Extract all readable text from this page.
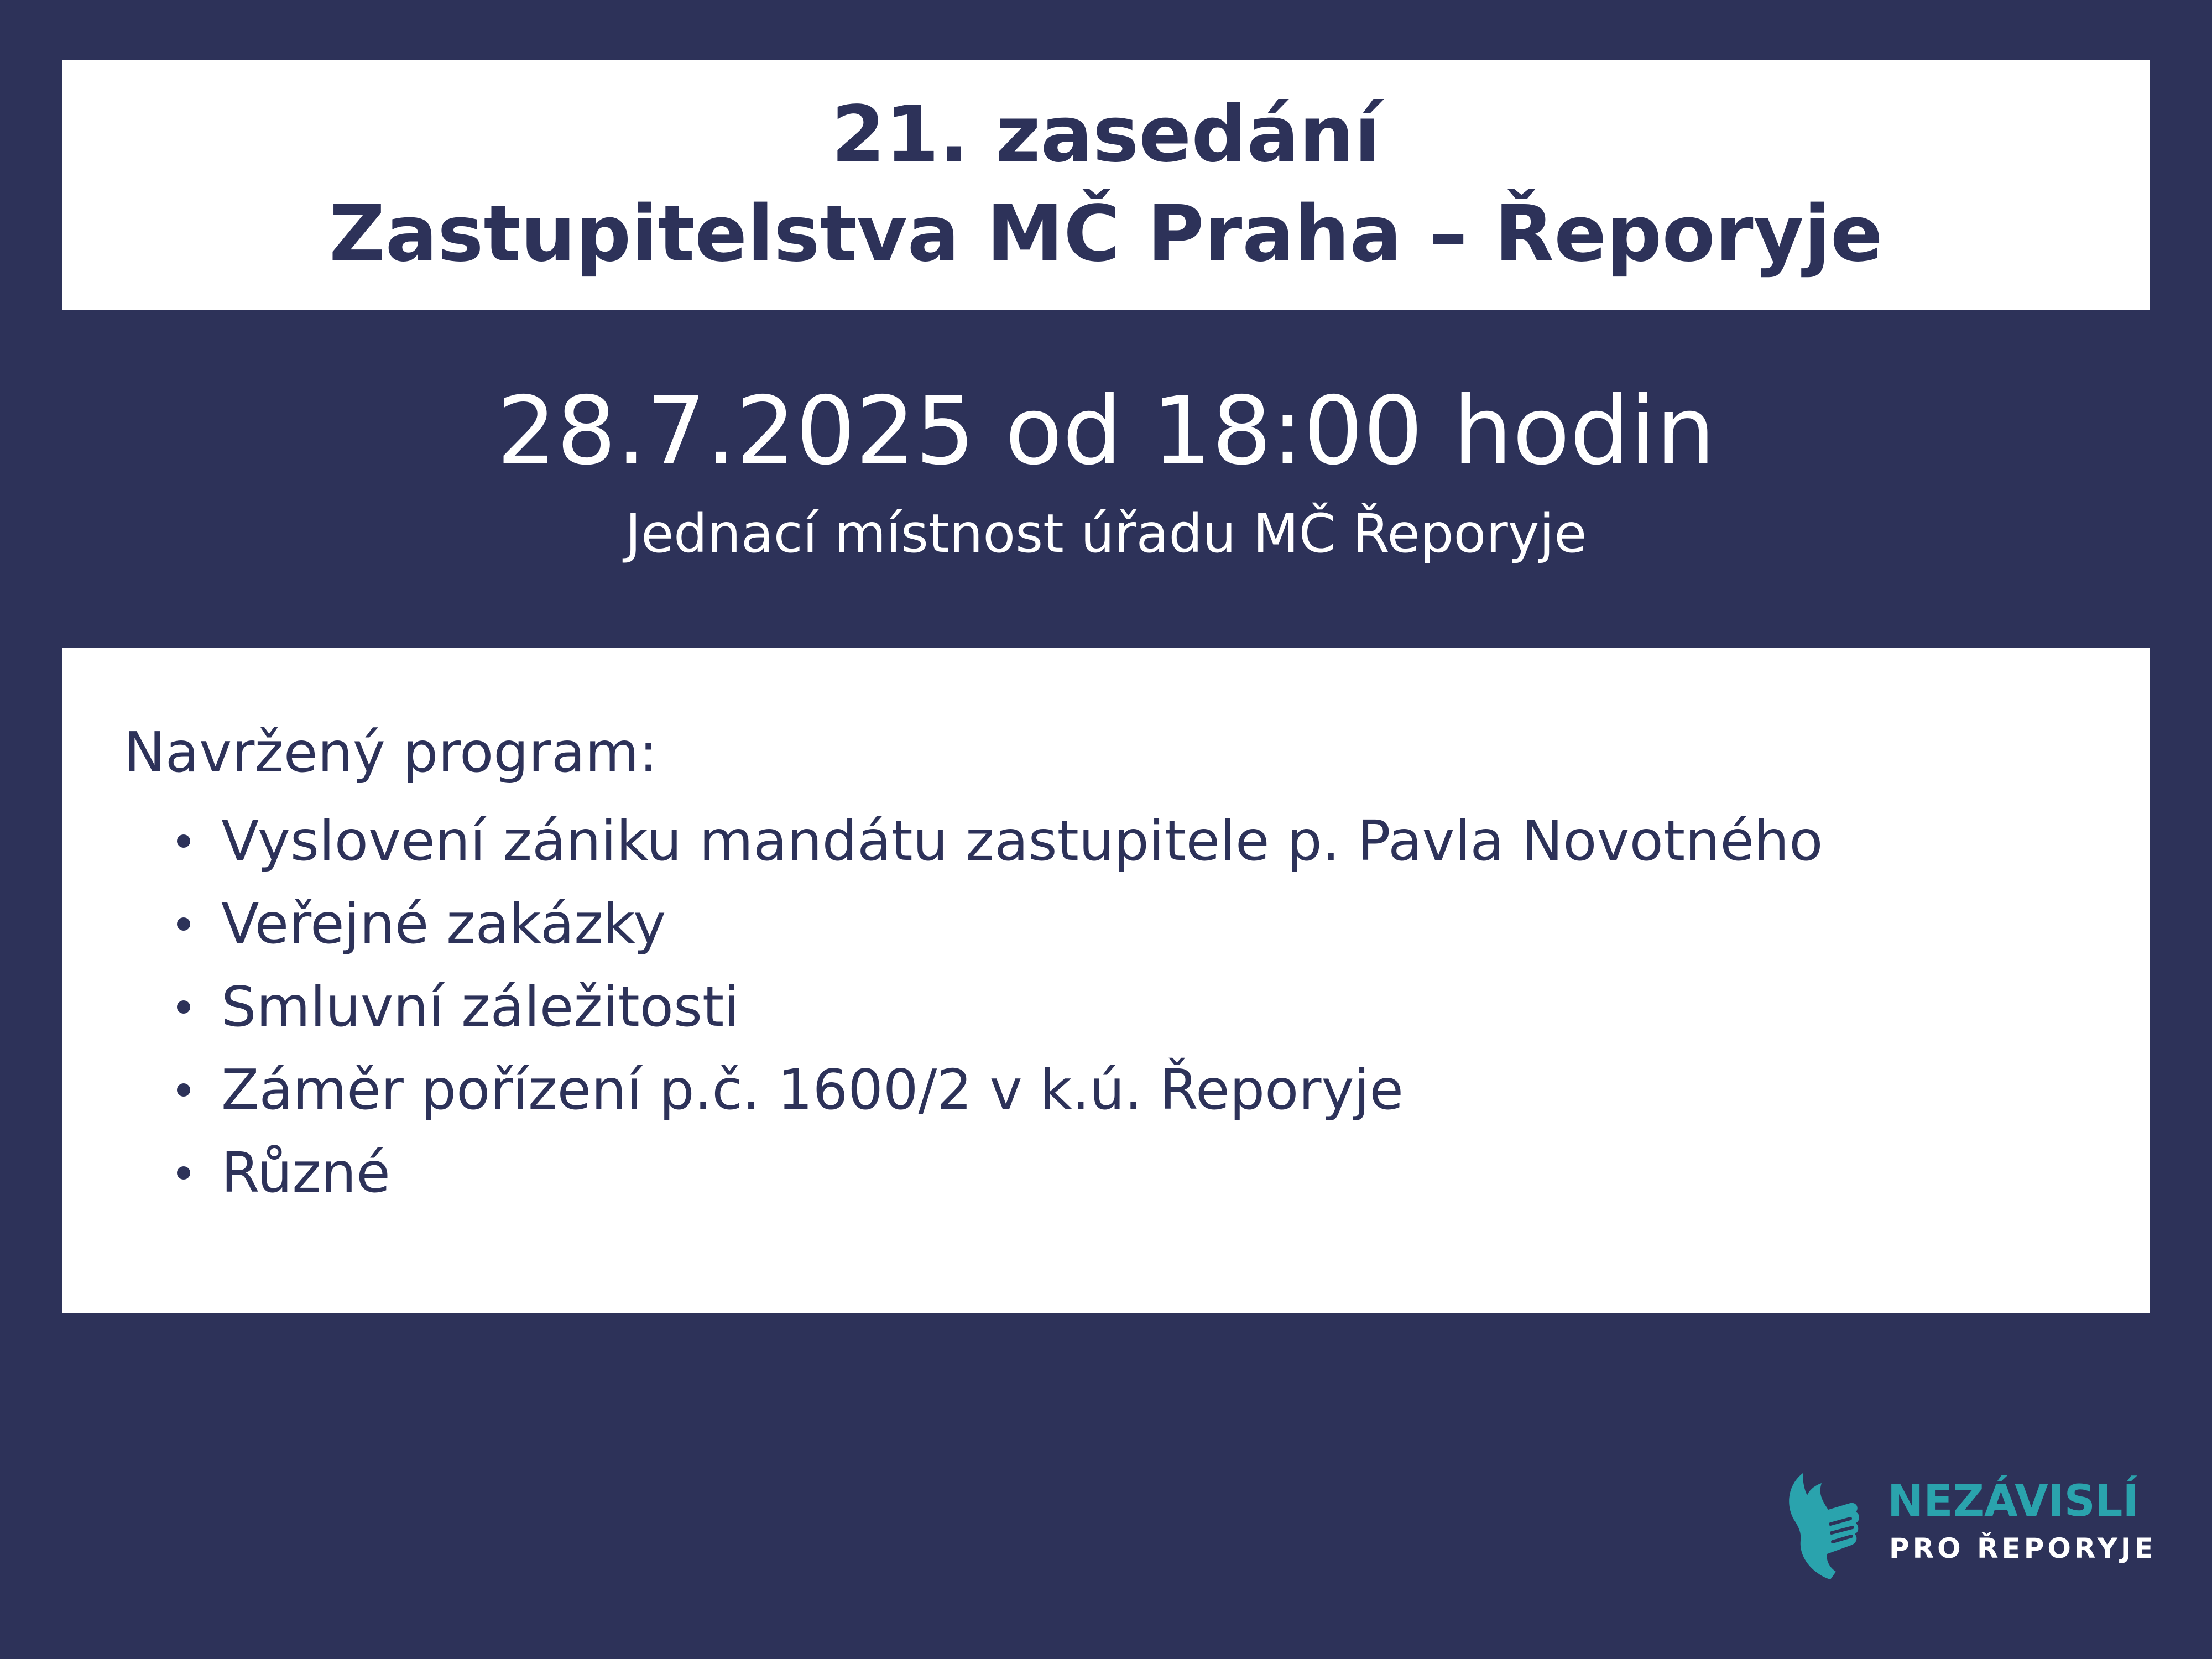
21. zasedání
Zastupitelstva MČ Praha – Řeporyje
28.7.2025 od 18:00 hodin
Jednací místnost úřadu MČ Řeporyje
Navržený program:
Vyslovení zániku mandátu zastupitele p. Pavla Novotného
Veřejné zakázky
Smluvní záležitosti
Záměr pořízení p.č. 1600/2 v k.ú. Řeporyje
Různé
NEZÁVISLÍ
PRO ŘEPORYJE
